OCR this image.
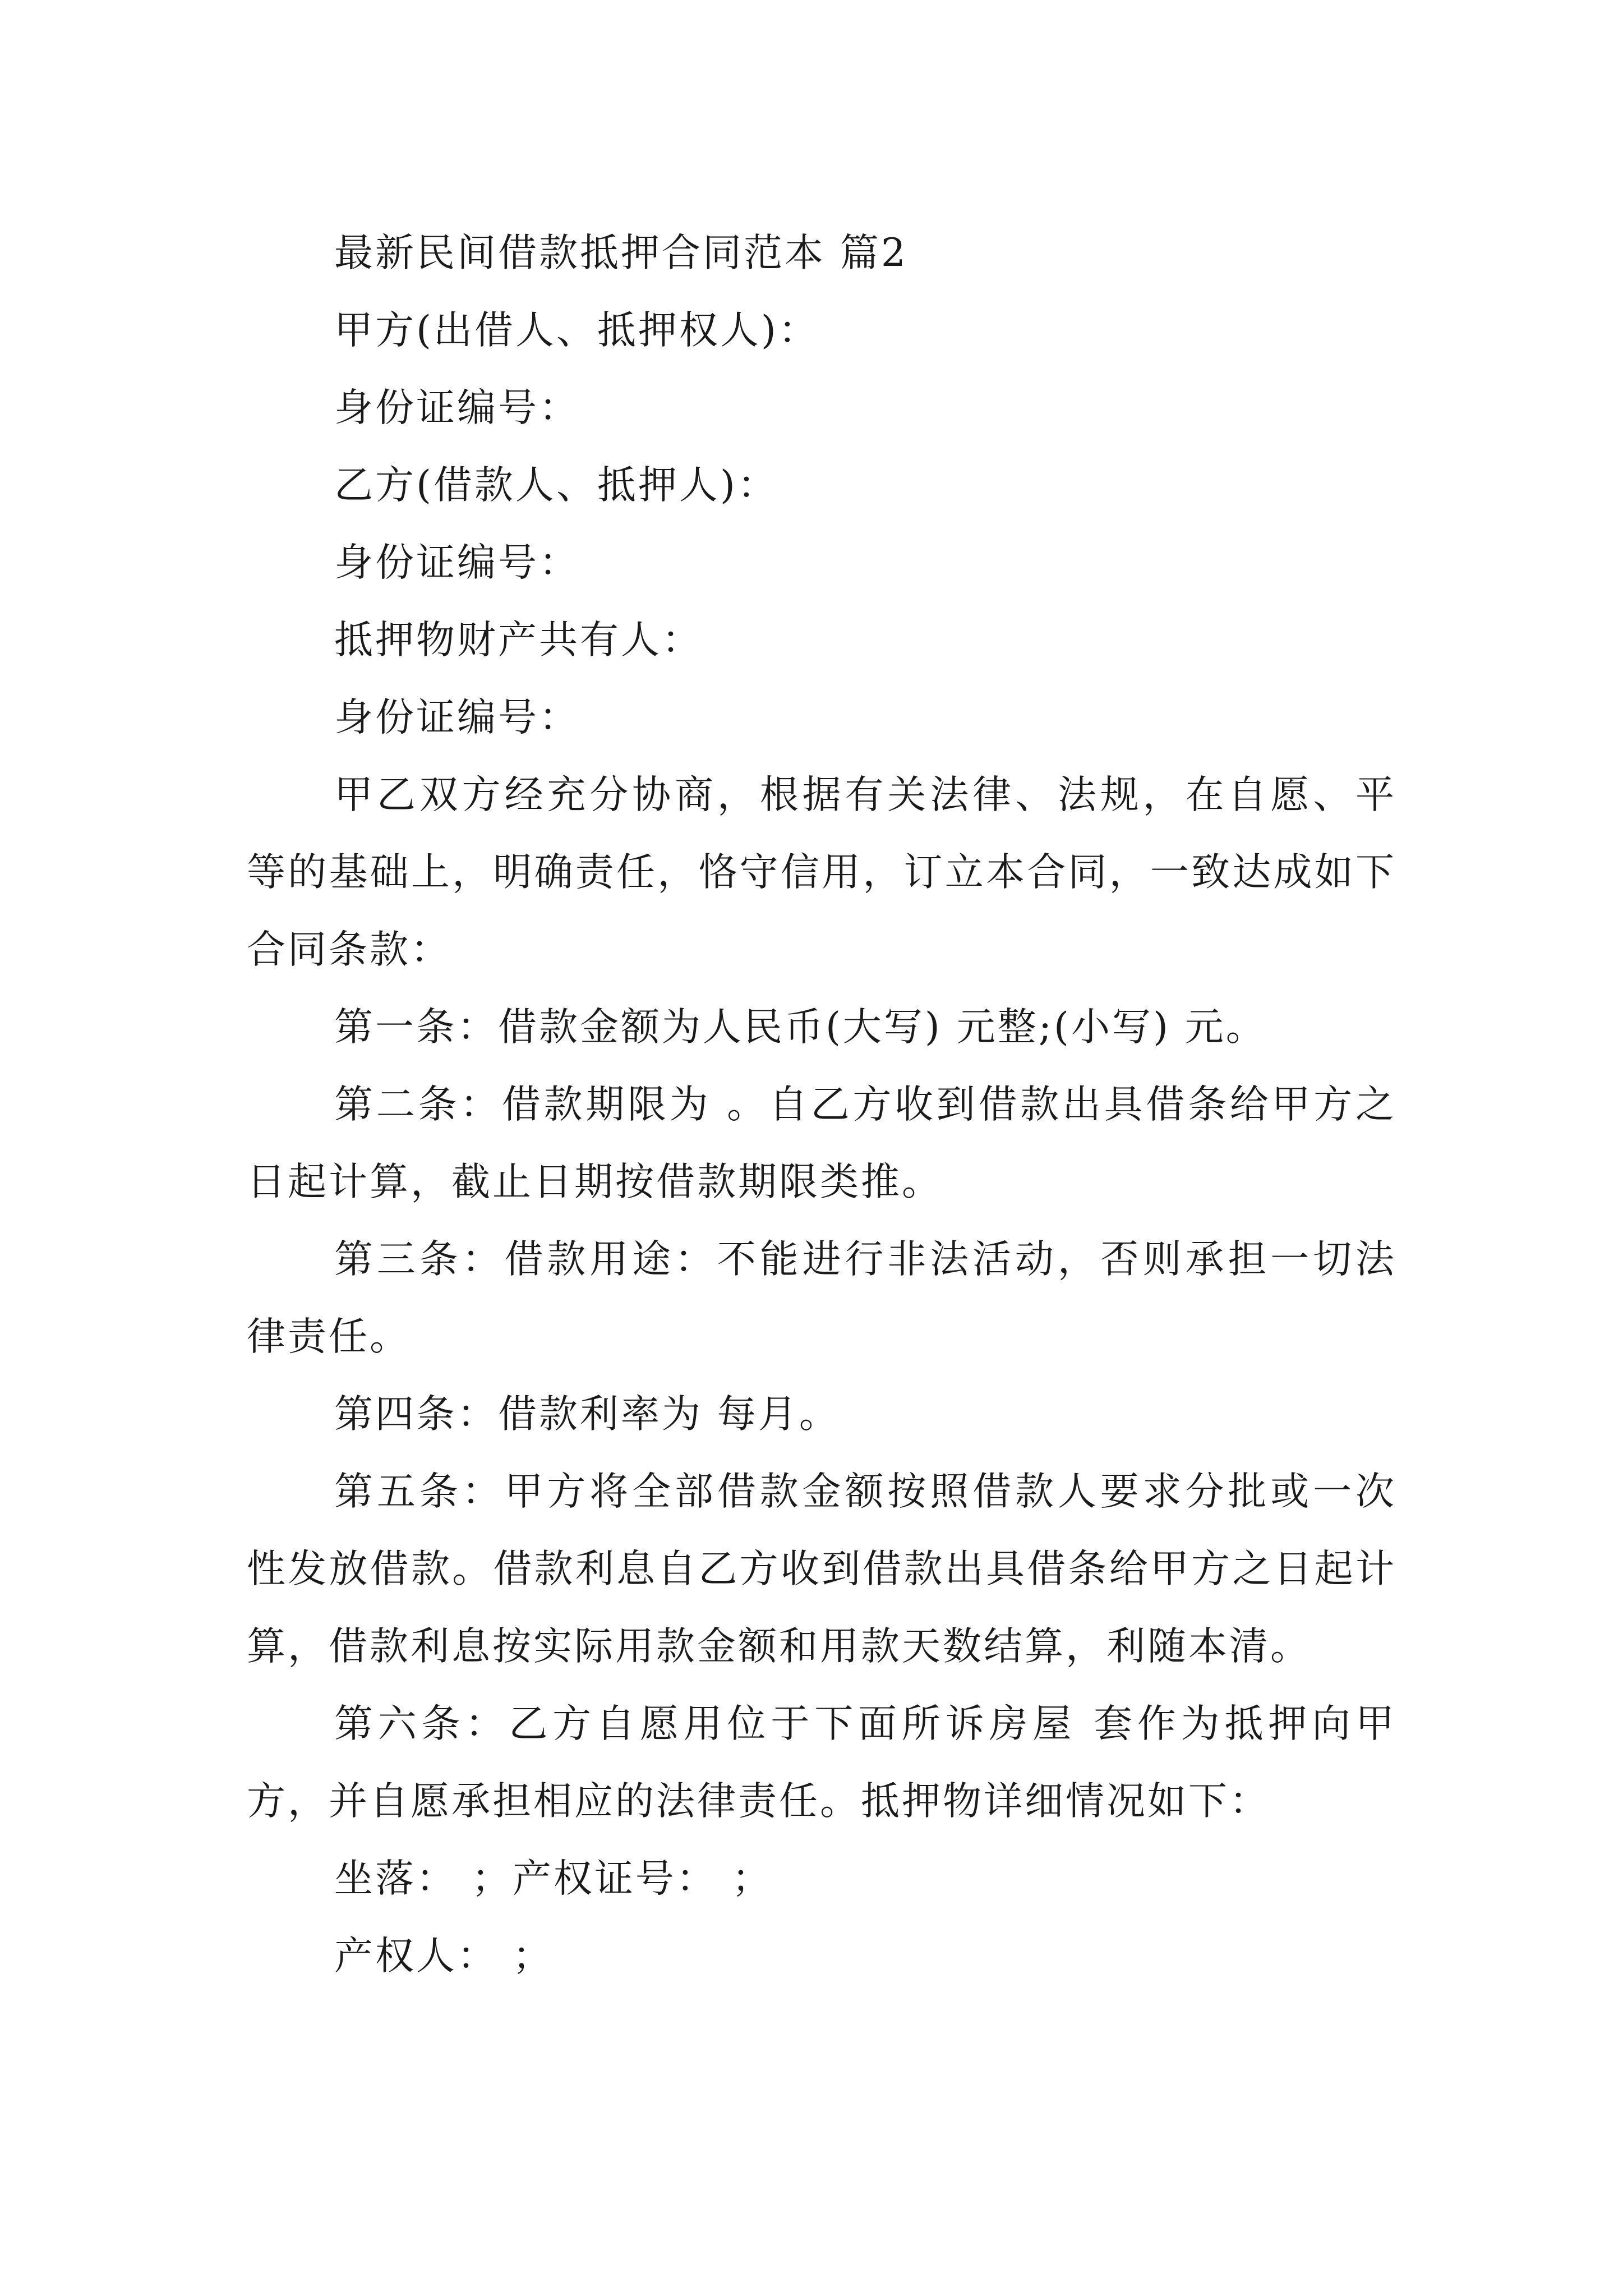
最新民间借款抵押合同范本 篇2

甲方(出借人、抵押权人)：

身份证编号：

乙方(借款人、抵押人)：

身份证编号：

抵押物财产共有人：

身份证编号：

甲乙双方经充分协商，根据有关法律、法规，在自愿、平等的基础上，明确责任，恪守信用，订立本合同，一致达成如下合同条款：

第一条：借款金额为人民币(大写) 元整;(小写) 元。

第二条：借款期限为 。自乙方收到借款出具借条给甲方之日起计算，截止日期按借款期限类推。

第三条：借款用途：不能进行非法活动，否则承担一切法律责任。

第四条：借款利率为 每月。

第五条：甲方将全部借款金额按照借款人要求分批或一次性发放借款。借款利息自乙方收到借款出具借条给甲方之日起计算，借款利息按实际用款金额和用款天数结算，利随本清。

第六条：乙方自愿用位于下面所诉房屋 套作为抵押向甲方，并自愿承担相应的法律责任。抵押物详细情况如下：

坐落： ；产权证号： ；

产权人： ；
